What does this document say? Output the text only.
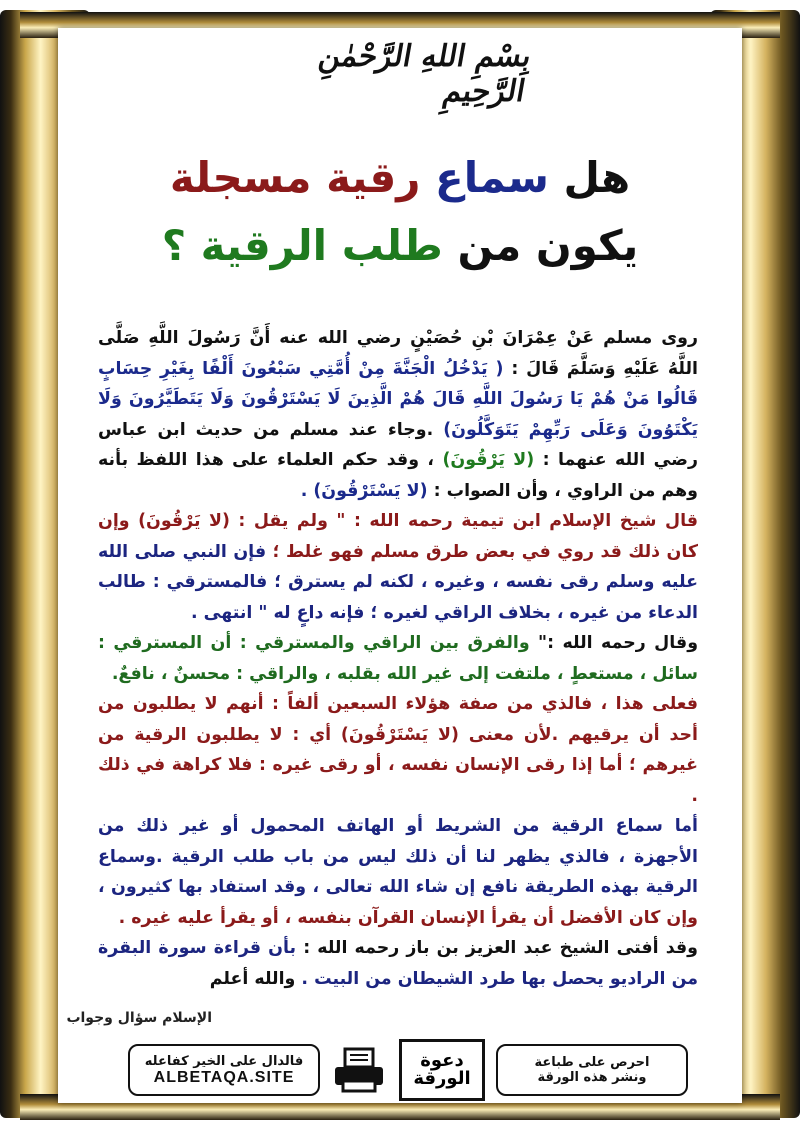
بِسْمِ اللهِ الرَّحْمٰنِ الرَّحِيمِ
هل سماع رقية مسجلة
يكون من طلب الرقية ؟

روى مسلم عَنْ عِمْرَانَ بْنِ حُصَيْنٍ رضي الله عنه أَنَّ رَسُولَ اللَّهِ صَلَّى اللَّهُ عَلَيْهِ وَسَلَّمَ قَالَ : ( يَدْخُلُ الْجَنَّةَ مِنْ أُمَّتِي سَبْعُونَ أَلْفًا بِغَيْرِ حِسَابٍ قَالُوا مَنْ هُمْ يَا رَسُولَ اللَّهِ قَالَ هُمْ الَّذِينَ لَا يَسْتَرْقُونَ وَلَا يَتَطَيَّرُونَ وَلَا يَكْتَوُونَ وَعَلَى رَبِّهِمْ يَتَوَكَّلُونَ) .وجاء عند مسلم من حديث ابن عباس رضي الله عنهما : (لا يَرْقُونَ) ، وقد حكم العلماء على هذا اللفظ بأنه وهم من الراوي ، وأن الصواب : (لا يَسْتَرْقُونَ) .

قال شيخ الإسلام ابن تيمية رحمه الله : " ولم يقل : (لا يَرْقُونَ) وإن كان ذلك قد روي في بعض طرق مسلم فهو غلط ؛ فإن النبي صلى الله عليه وسلم رقى نفسه ، وغيره ، لكنه لم يسترق ؛ فالمسترقي : طالب الدعاء من غيره ، بخلاف الراقي لغيره ؛ فإنه داعٍ له " انتهى .

وقال رحمه الله :" والفرق بين الراقي والمسترقي : أن المسترقي : سائل ، مستعطٍ ، ملتفت إلى غير الله بقلبه ، والراقي : محسنٌ ، نافعٌ.

فعلى هذا ، فالذي من صفة هؤلاء السبعين ألفاً : أنهم لا يطلبون من أحد أن يرقيهم .لأن معنى (لا يَسْتَرْقُونَ) أي : لا يطلبون الرقية من غيرهم ؛ أما إذا رقى الإنسان نفسه ، أو رقى غيره : فلا كراهة في ذلك .

أما سماع الرقية من الشريط أو الهاتف المحمول أو غير ذلك من الأجهزة ، فالذي يظهر لنا أن ذلك ليس من باب طلب الرقية .وسماع الرقية بهذه الطريقة نافع إن شاء الله تعالى ، وقد استفاد بها كثيرون ، وإن كان الأفضل أن يقرأ الإنسان القرآن بنفسه ، أو يقرأ عليه غيره .

وقد أفتى الشيخ عبد العزيز بن باز رحمه الله : بأن قراءة سورة البقرة من الراديو يحصل بها طرد الشيطان من البيت . والله أعلم

الإسلام سؤال وجواب
فالدال على الخير كفاعله
ALBETAQA.SITE
دعوة
الورقة
احرص على طباعة
ونشر هذه الورقة
